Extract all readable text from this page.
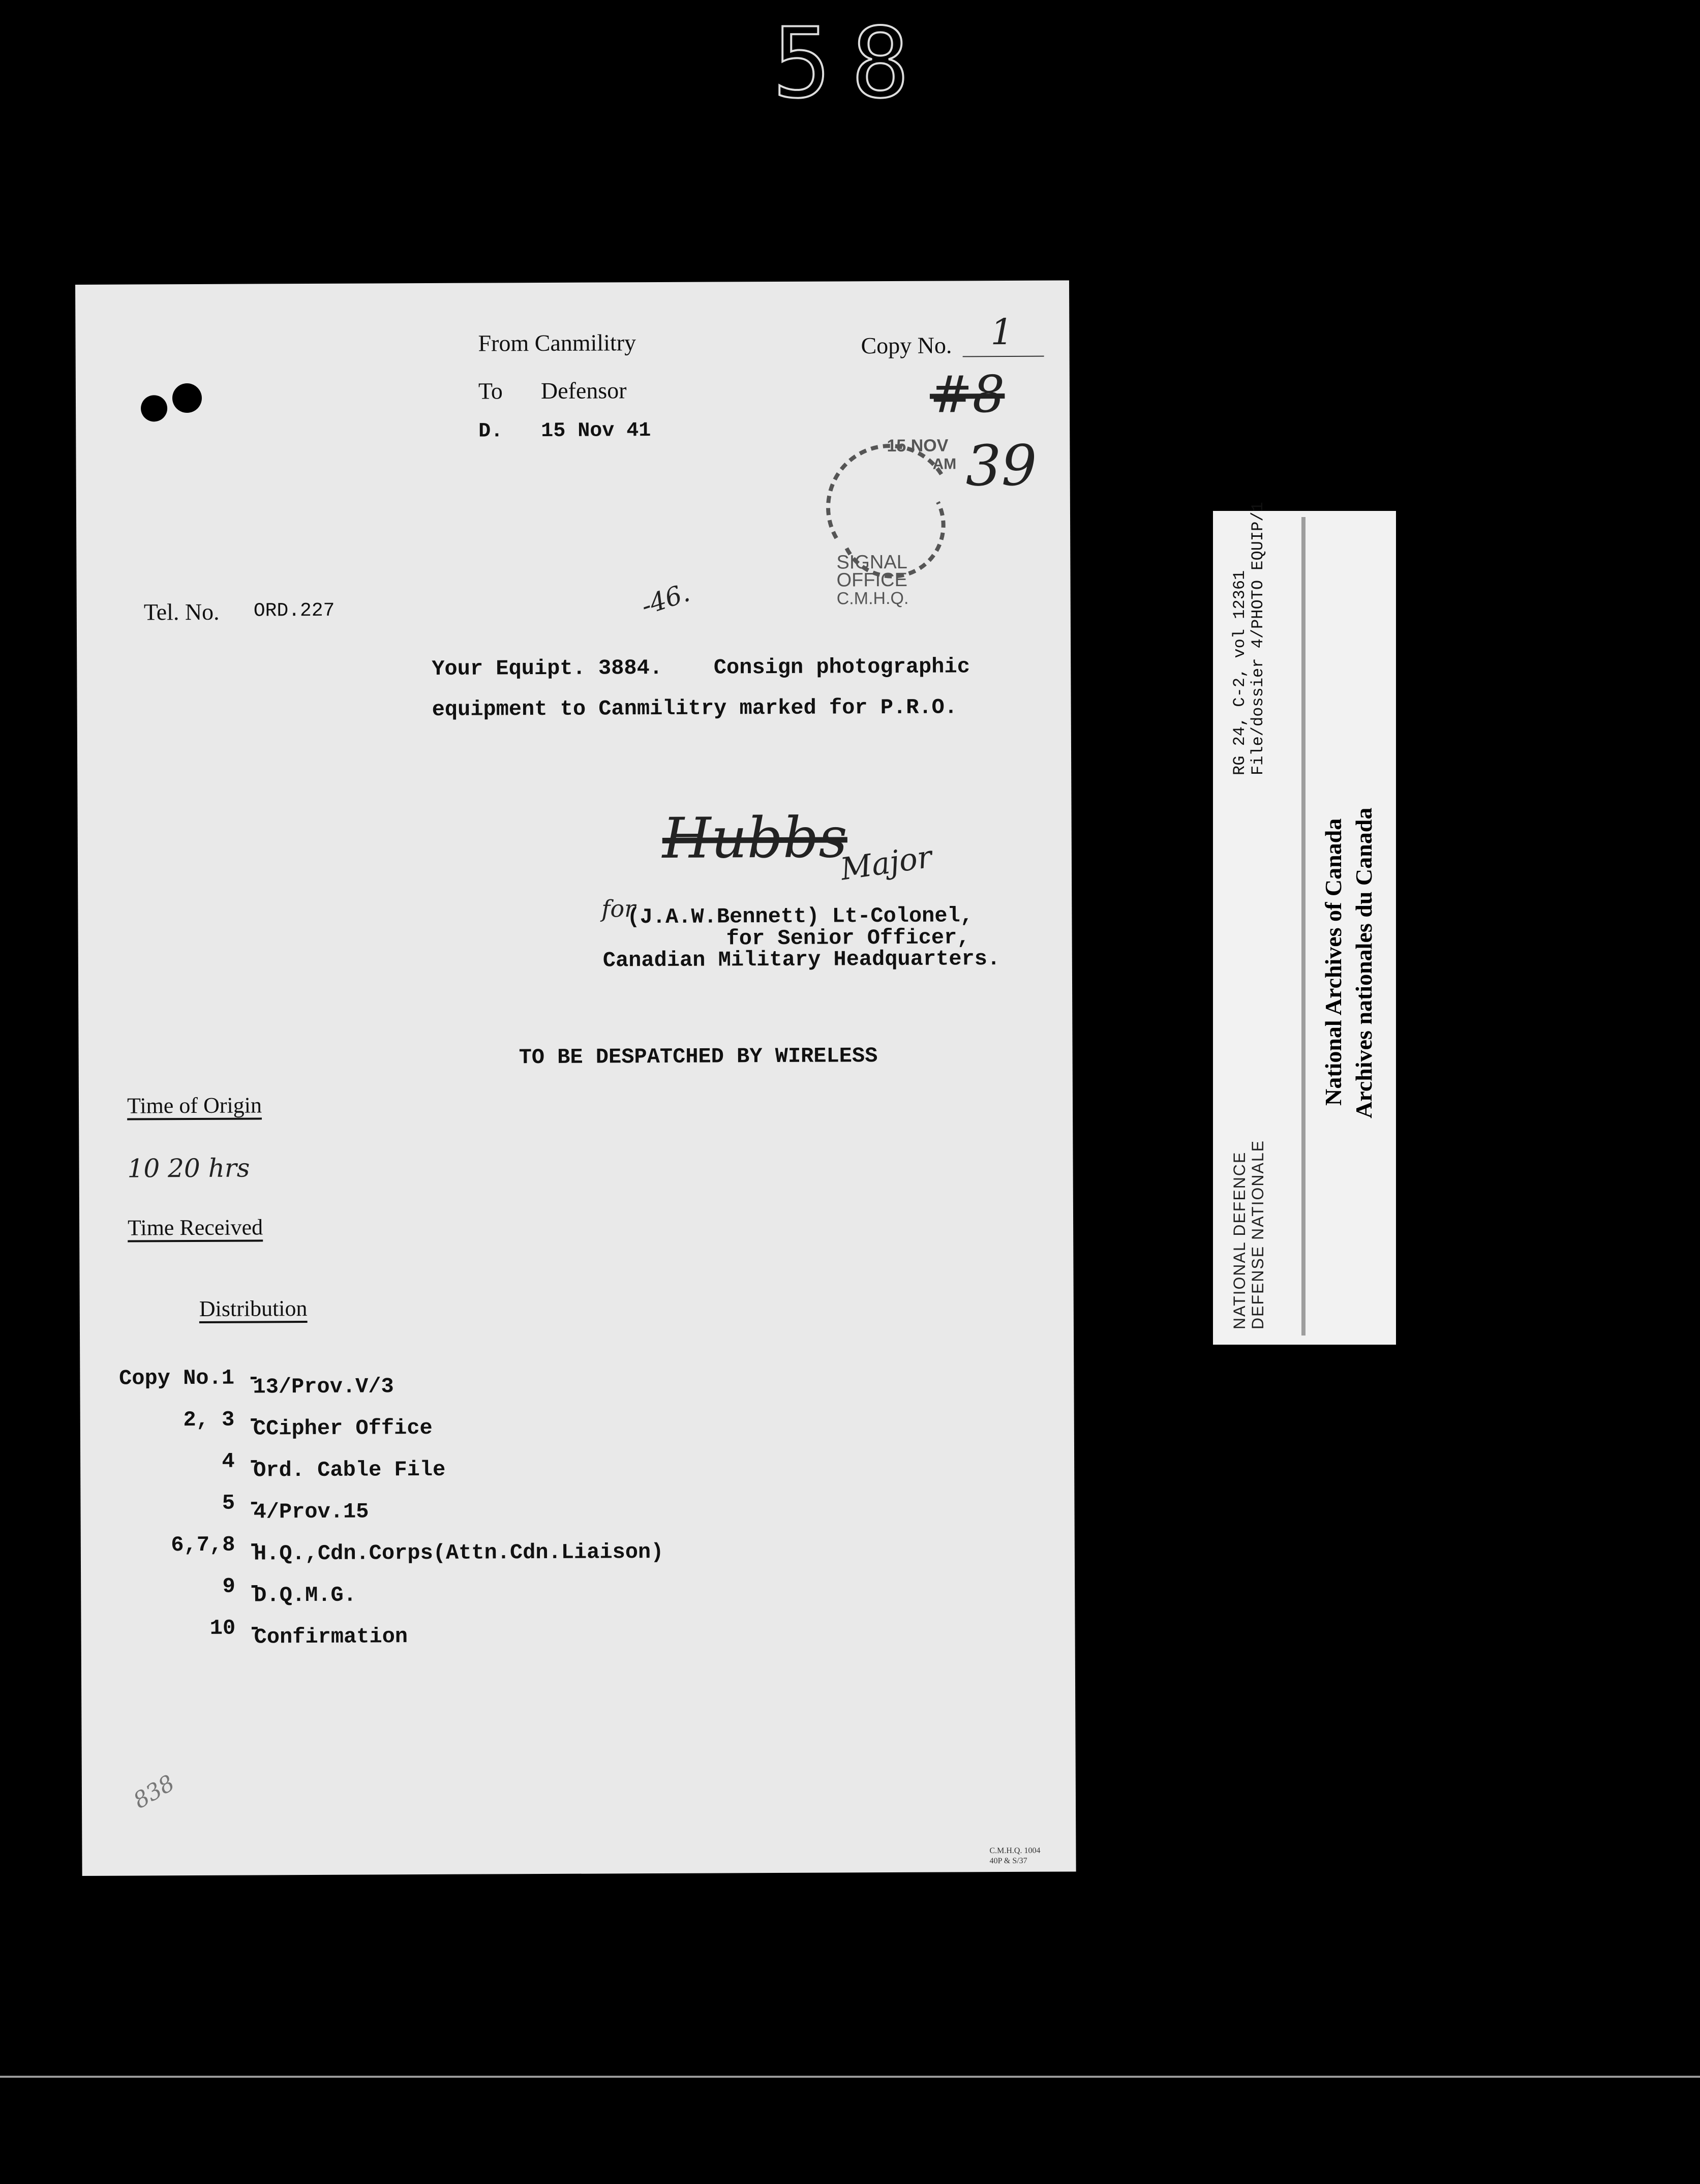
58
From Canmilitry
To Defensor
D. 15 Nov 41
Copy No. 1
#8
39
15 NOV
AM
SIGNAL
OFFICE
C.M.H.Q.
Tel. No. ORD.227	-46.
Your Equipt. 3884.    Consign photographic
equipment to Canmilitry marked for P.R.O.
Hubbs
Major
for
(J.A.W.Bennett) Lt-Colonel,
for Senior Officer,
Canadian Military Headquarters.
TO BE DESPATCHED BY WIRELESS
Time of Origin
10 20 hrs
Time Received
Distribution

Copy No.1 -

13/Prov.V/3

2, 3 -

CCipher Office

4 -

Ord. Cable File

5 -

4/Prov.15

6,7,8 -

H.Q.,Cdn.Corps(Attn.Cdn.Liaison)

9 -

D.Q.M.G.

10 -

Confirmation

838
C.M.H.Q. 1004
40P & S/37
RG 24, C-2, vol 12361 File/dossier 4/PHOTO EQUIP/1
NATIONAL DEFENCE DEFENSE NATIONALE
National Archives of Canada Archives nationales du Canada
